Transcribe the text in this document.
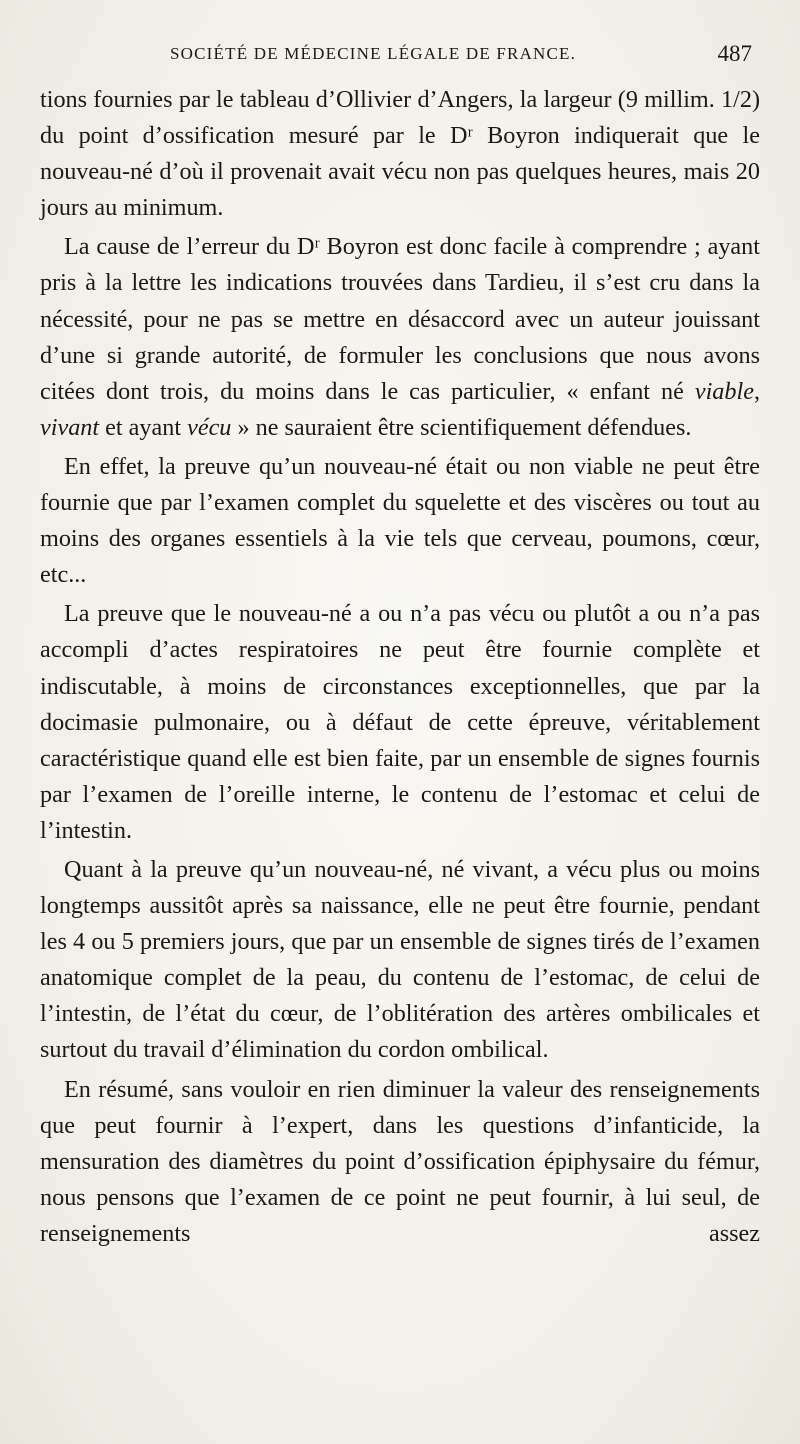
SOCIÉTÉ DE MÉDECINE LÉGALE DE FRANCE.	487

tions fournies par le tableau d’Ollivier d’Angers, la largeur (9 millim. 1/2) du point d’ossification mesuré par le Dʳ Boyron indiquerait que le nouveau-né d’où il provenait avait vécu non pas quelques heures, mais 20 jours au minimum.

La cause de l’erreur du Dʳ Boyron est donc facile à comprendre ; ayant pris à la lettre les indications trouvées dans Tardieu, il s’est cru dans la nécessité, pour ne pas se mettre en désaccord avec un auteur jouissant d’une si grande autorité, de formuler les conclusions que nous avons citées dont trois, du moins dans le cas particulier, « enfant né viable, vivant et ayant vécu » ne sauraient être scientifiquement défendues.

En effet, la preuve qu’un nouveau-né était ou non viable ne peut être fournie que par l’examen complet du squelette et des viscères ou tout au moins des organes essentiels à la vie tels que cerveau, poumons, cœur, etc...

La preuve que le nouveau-né a ou n’a pas vécu ou plutôt a ou n’a pas accompli d’actes respiratoires ne peut être fournie complète et indiscutable, à moins de circonstances exceptionnelles, que par la docimasie pulmonaire, ou à défaut de cette épreuve, véritablement caractéristique quand elle est bien faite, par un ensemble de signes fournis par l’examen de l’oreille interne, le contenu de l’estomac et celui de l’intestin.

Quant à la preuve qu’un nouveau-né, né vivant, a vécu plus ou moins longtemps aussitôt après sa naissance, elle ne peut être fournie, pendant les 4 ou 5 premiers jours, que par un ensemble de signes tirés de l’examen anatomique complet de la peau, du contenu de l’estomac, de celui de l’intestin, de l’état du cœur, de l’oblitération des artères ombilicales et surtout du travail d’élimination du cordon ombilical.

En résumé, sans vouloir en rien diminuer la valeur des renseignements que peut fournir à l’expert, dans les questions d’infanticide, la mensuration des diamètres du point d’ossification épiphysaire du fémur, nous pensons que l’examen de ce point ne peut fournir, à lui seul, de renseignements assez
